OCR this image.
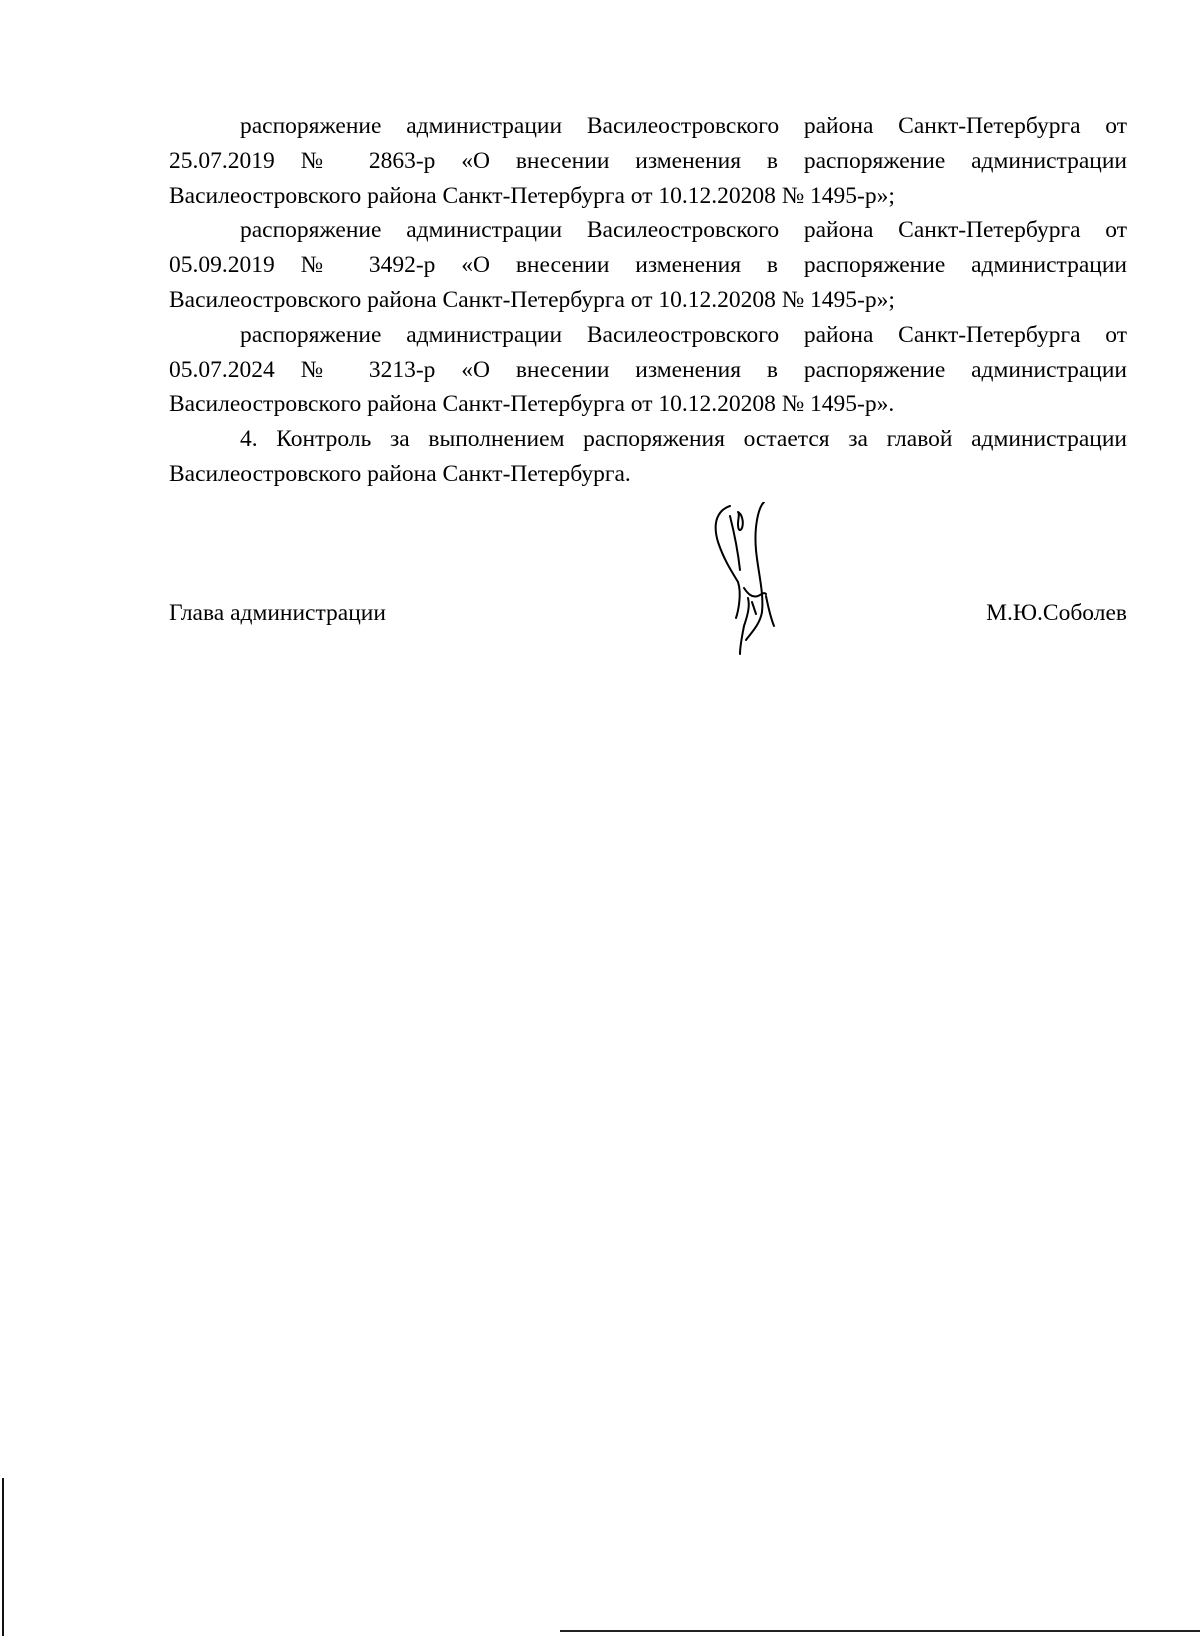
распоряжение администрации Василеостровского района Санкт-Петербурга от 25.07.2019 № 2863-р «О внесении изменения в распоряжение администрации Василеостровского района Санкт-Петербурга от 10.12.20208 № 1495-р»;

распоряжение администрации Василеостровского района Санкт-Петербурга от 05.09.2019 № 3492-р «О внесении изменения в распоряжение администрации Василеостровского района Санкт-Петербурга от 10.12.20208 № 1495-р»;

распоряжение администрации Василеостровского района Санкт-Петербурга от 05.07.2024 № 3213-р «О внесении изменения в распоряжение администрации Василеостровского района Санкт-Петербурга от 10.12.20208 № 1495-р».

4. Контроль за выполнением распоряжения остается за главой администрации Василеостровского района Санкт-Петербурга.

Глава администрации	М.Ю.Соболев
